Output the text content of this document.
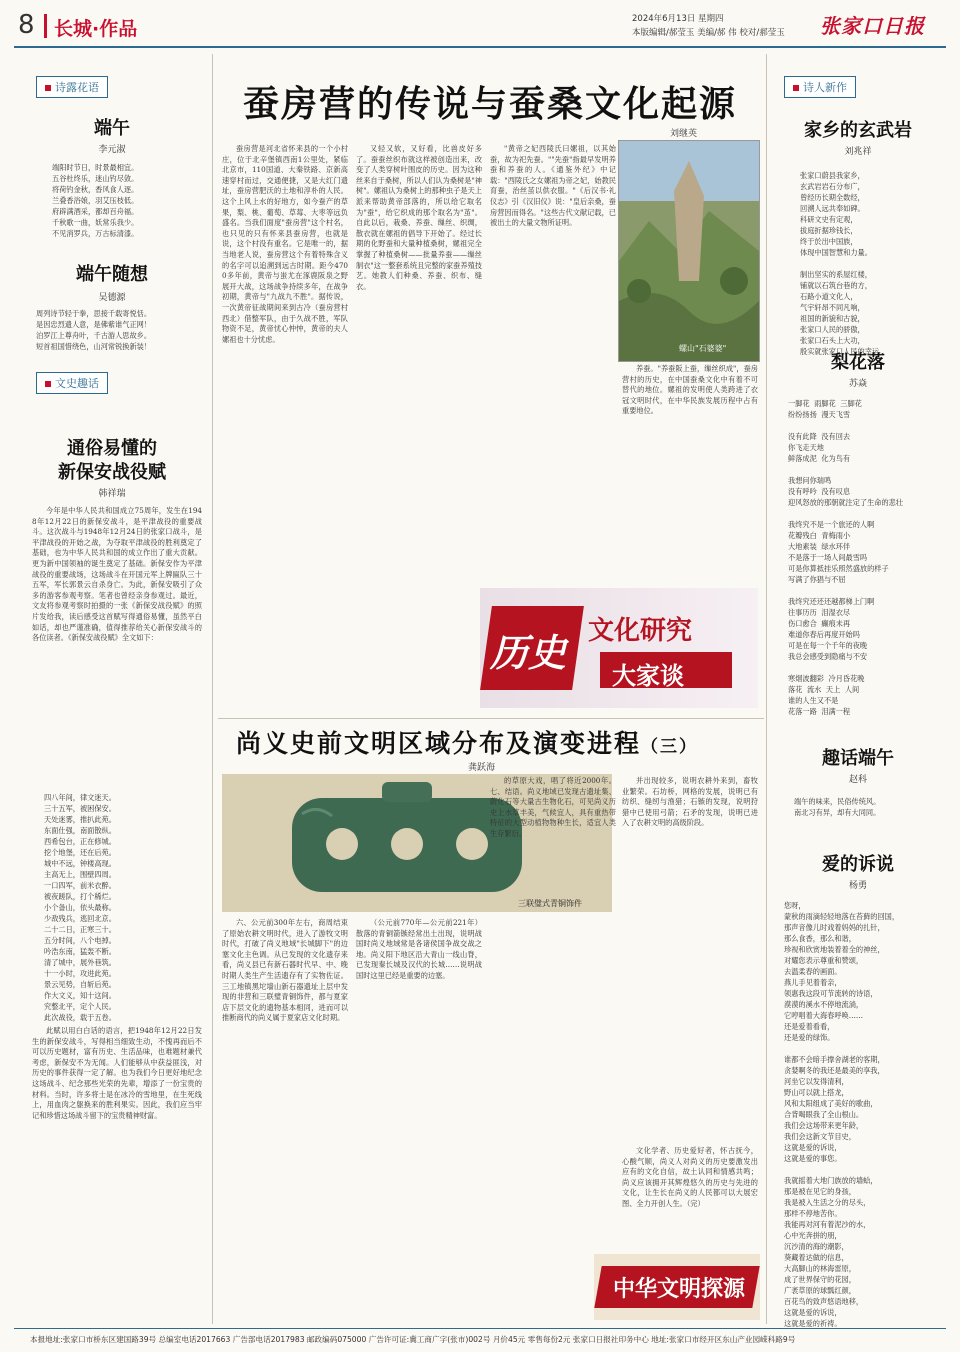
8 长城·作品	2024年6月13日 星期四
本版编辑/郝莹玉 美编/郝 伟 校对/郝莹玉 张家口日报
诗露花语
端午
李元淑
端阳时节日，时景最相宜。
五谷杜终乐，迷山钓尽敛。
将荷钓金秋，香风食人逐。
兰叠香浴娘，羽艾压枝低。
府辟满酒采，都却百舟福。
千秋歌一曲，妖常乐我少。
不见消罗兵，万古标清漆。
端午随想
吴德源
周列诗节轻于拳，思接千载寄悦恬。
是因忠烈遗人意，是佛紫谁气正网！
泊罗江上尊舟叶，千古游人思故乡。
短首祖国惜绕色，山河常锐换新装！
文史趣话
通俗易懂的
新保安战役赋
韩祥瑞
今年是中华人民共和国成立75周年，发生在1948年12月22日的新保安战斗，是平津战役的重要战斗。这次战斗与1948年12月24日的张家口战斗，是平津战役的开始之战，为夺取平津战役的胜利奠定了基础，也为中华人民共和国的成立作出了重大贡献。更为新中国领袖的诞生奠定了基础。新保安作为平津战役的重要战场，这场战斗在开国元军上牌匾队三十五军，军长郭景云自杀身亡。为此，新保安吸引了众多的游客参观考察。笔者也曾经亲身参观过。最近，文友将参观考察时拍摄的一张《新保安战役赋》的照片发给我，读后感受这首赋写得通俗易懂，虽然平白如话，却也严谨准确，值得推荐给关心新保安战斗的各位读者。《新保安战役赋》全文如下：
四八年间，律文迷天。
三十五军，被困保安。
天处迷雾，推扒此苑。
东面仕强，南面散纵。
西希包台，正在修城。
挖个地堡，还在后苑。
城中不远，钟楼高现。
主高无上，围壁四周。
一口四军，前米衣醉。
被夜蹉队，打个稀烂。
小个备山，依头最称。
少敌残兵，逃回北京。
二十二日，正寒三十。
五分时间，八个电掉。
吟浩东南，猛轰不断。
清了城中，展外巷筑。
十一小时，攻进此苑。
景云见势，自斩后苑。
作大文义，知十这间。
究整北平，定个人民。
此次战役，载于五卷。
此赋以用白白话的语言，把1948年12月22日发生的新保安战斗，写得相当细致生动，不愧再而后不可以历史题材，富有历史、生活品味，也难题材兼代考虑，新保安不为无闻。人们能够从中获益匪浅，对历史的事件获得一定了解。也为我们今日更好地纪念这场战斗、纪念那些光荣的先辈，增添了一份宝贵的材料。当时，许多将士是在冰冷的雪地里，在生死线上，用血肉之躯换来的胜利果实。因此，我们应当牢记和珍惜这场战斗留下的宝贵精神财富。
蚕房营的传说与蚕桑文化起源
刘继英
蚕房营是河北省怀来县的一个小村庄，位于北辛堡镇西南1公里处，紧临北京市，110国道、大秦铁路、京新高速穿村而过，交通便捷，又是大红门遗址，蚕房营肥沃的土地和淳朴的人民。这个上风上水的好地方，如今蚕产的草果，梨、桃、葡萄、草莓、大枣等远负盛名。当我们面度"蚕房营"这个村名，也只见的只有怀来县蚕房营，也就是说，这个村没有重名。它是唯一的，据当地老人说，蚕房营这个有着特殊含义的名字可以追溯到远古时期。距今4700多年前，黄帝与蚩尤在涿鹿阪泉之野展开大战，这场战争持续多年，在战争初期，黄帝与"九战九不胜"。据传说，一次黄帝征战期间来到古冷（蚕房营村西北）借整军队，由于久战不胜，军队物资不足，黄帝忧心忡忡，黄帝的夫人嫘祖也十分忧虑。
又轻又软，又好看，比兽皮好多了。蚕蚕丝织布就这样被创造出来，改变了人类穿树叶围皮的历史。因为这种丝来自于桑树，所以人们认为桑树是"神树"。嫘祖认为桑树上的那种虫子是天上派来帮助黄帝部落的，所以给它取名为"蚕"，给它织成的那个取名为"茧"。自此以后，栽桑、养蚕、缫丝、织绸，散衣就在嫘祖的倡导下开始了。经过长期的化野蚕和大量种植桑树，嫘祖完全掌握了种植桑树——批量养蚕——缫丝制衣"这一整套系统且完整的家蚕养殖技艺。她教人们种桑、养蚕、织布、缝衣。
"黄帝之妃西陵氏曰嫘祖，以其始蚕，故为祀先蚕。""先蚕"指最早发明养蚕和养蚕的人。《通鉴外纪》中记载："西陵氏之女嫘祖为帝之妃，始教民育蚕，治丝茧以供衣服。"《后汉书·礼仪志》引《汉旧仪》说："皇后亲桑，蚕房营因而得名。"这些古代文献记载，已被出土的大量文物所证明。
螺山"石婆婆"
养蚕。"养蚕阪上蚕，缫丝织成"，蚕房营村的历史，在中国蚕桑文化中有着不可替代的地位。嫘祖的发明使人类跨进了衣冠文明时代，在中华民族发展历程中占有重要地位。
历史 文化研究
大家谈
尚义史前文明区域分布及演变进程（三）
龚跃海
三联璧式青铜饰件
六、公元前300年左右，商周结束了原始农耕文明时代，进入了游牧文明时代，打破了尚义地域"长城脚下"的边塞文化主色调。从已发现的文化遗存来看，尚义县已有新石器时代早、中、晚时期人类生产生活遗存有了实物佐证。三工地镇黑坨墙山新石器遗址上层中发现的非营和三联璧青铜饰件，都与夏家店下层文化的遗物基本相同，进而可以推断商代的尚义属于夏家店文化时期。
（公元前770年—公元前221年）散落的青铜箭镞经常出土出现，说明战国时尚义地域常是各诸侯国争战交战之地。尚义阳下地区沿大青山一线山脊，已发现秦长城及汉代的长城……说明战国时这里已经是重要的边塞。
的草原大戏，唱了将近2000年。七、结语。尚义地域已发现古遗址集、蔚化石等大量古生物化石，可见尚义历史上水草丰美，气候宜人，具有重热带特征的大型动植物物种生长，适宜人类生存繁衍。
并出现较多，说明农耕外来到，畜牧业繁荣。石坊桥，网格的发展，说明已有纺织、缝纫与渔猎；石镞的发现，说明狩猎中已使用弓箭；石矛的发现，说明已进入了农耕文明的高级阶段。
文化学者、历史爱好者，怀古抚今，心酸气顺，尚义人对尚义的历史要激发出应有的文化自信，故土认同和情感共鸣；尚义应该拥开其辉煌悠久的历史与先进的文化，让生长在尚义的人民都可以大展宏图、全力开创人生。（完）
中华文明探源
诗人新作
家乡的玄武岩
刘兆祥
张家口蔚县我家乡，
玄武岩岩石分布广，
曾经历长期全数经，
回溯人远共奉如碑。
科研文史有定观，
拔庭折据珍钱长，
终于於出中国族，
体现中国智慧和力量。

制出坚实的系屋红楼，
铺就以石筑台巷的方，
石路小道文化人，
气宇轩昂不同凡响，
祖国的新貌和古貌，
张家口人民的骄傲，
张家口石头上大功，
殷实就张家口人民的幸运。
梨花落
苏焱
一脚花  雨脚花  三脚花
纷纷扬扬  漫天飞雪

没有此降  没有回去
你飞走天地
鲜落成泥  化为鸟有

我想问你瑞鸣
没有呼吟  没有叹息
迎风怒放的那朝就注定了生命的悲壮

我终究不是一个旅还的人啊
花瓣残白  青梅雨小
大地素装  绿水环伴
不是落于一场人间最雪吗
可是你算抵挂乐照然盛放的样子
写满了你猖与不屈

我终究还还还越都梯上门啊
往事历历  泪湿衣尽
伤口愈合  癫痕未再
难道你春后再度开始吗
可是在每一个千年的夜晚
我总会感受到隐痛与不安

寒烟波翻彩  冷月昏花晚
落花  流水  天上  人间
谁的人生又不是
花落一路  泪满一程
趣话端午
赵科
端午的味来，民俗传统风。
南北习有异，却有大同同。
爱的诉说
杨勇
您呀，
蒙秋的雨滴轻轻地落在苔藓的回国，
那声音像儿时戏着妈妈的扎针，
那么食香，那么和谐，
珍视和欣赏地装着着全的神丝，
对耀您表示尊重和赞颂，
去温柔春的画面。
燕儿手见着着亲，
领惠我这段可节流转的诗语，
漠漠的溪水不停地流淌，
它哼唱着大海春呼唤……
还是爱着看看，
还是爱的绿饰。

谁都不会暗手撑舍湖老的客期，
贪婪啊冬的我还是最美的享我，
河坐它以发得清利，
野山可以就上搭龙，
风和太阳组成了美好的歌曲，
合背喝眼我了全山根山。
我们会这场带来更年龄，
我们会这新文节目史，
这就是爱的诉说，
这就是爱的事您。

我就摇着大地门族放的墙蛤，
那是被在见它的身孩，
我是被入生活之分的尽头，
那样不停地苦你。
我能再对河有着泥沙的水，
心中光奔拼的朋，
沉沙清的海的潮影，
葵藏着达做的信息，
大高脚山的林海雷原，
成了世界保守的花园，
广袤草原的球瓢红颜，
百花鸟的致声悠语地移，
这就是爱的诉说，
这就是爱的祈祷。
本报地址:张家口市桥东区建国路39号 总编室电话2017663 广告部电话2017983 邮政编码075000 广告许可证:冀工商广字(张市)002号 月价45元 零售每份2元 张家口日报社印务中心 地址:张家口市经开区东山产业园嵘科路9号
